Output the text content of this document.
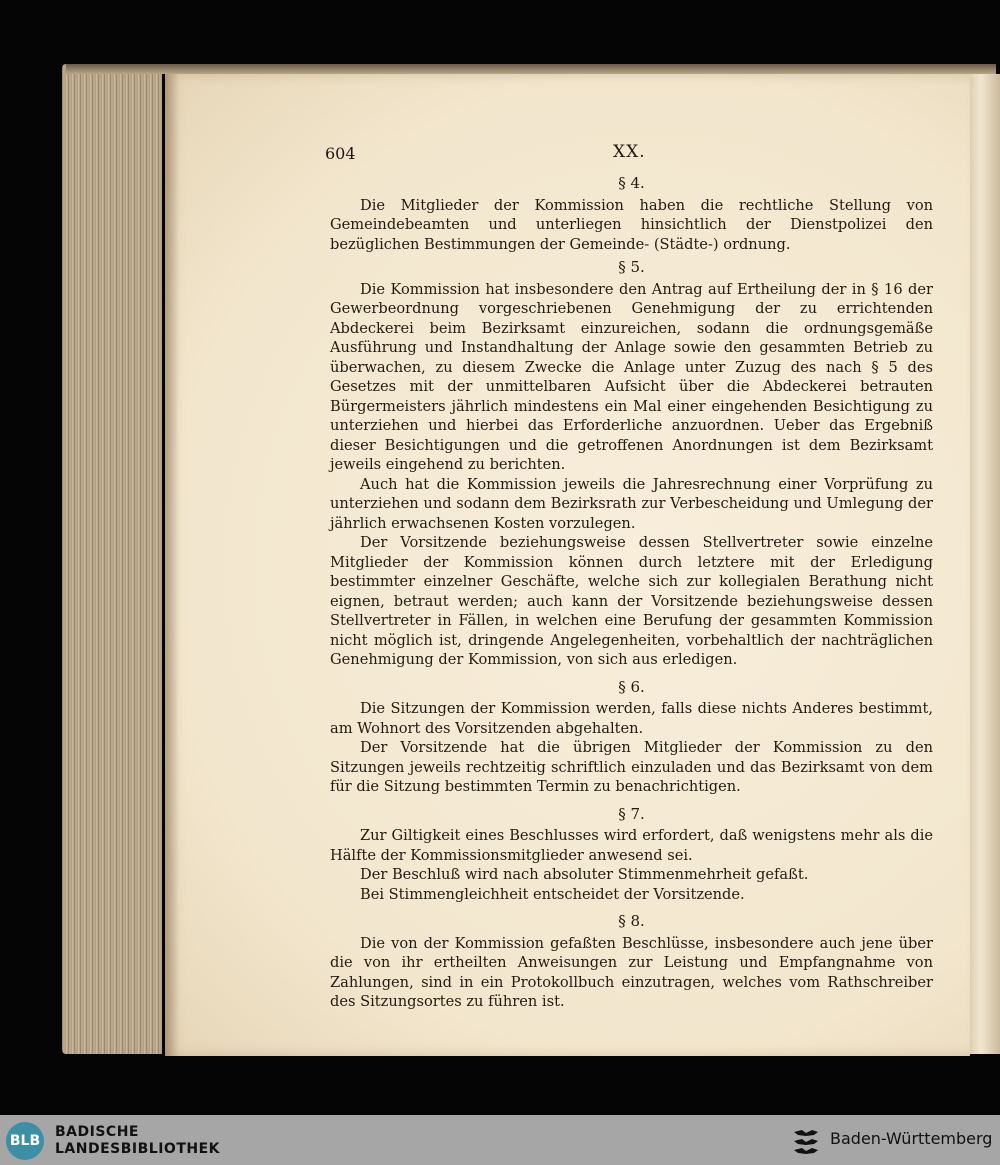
604	XX.
§ 4.

Die Mitglieder der Kommission haben die rechtliche Stellung von Gemeindebeamten und unterliegen hinsichtlich der Dienstpolizei den bezüglichen Bestimmungen der Gemeinde- (Städte-) ordnung.

§ 5.

Die Kommission hat insbesondere den Antrag auf Ertheilung der in § 16 der Gewerbeordnung vorgeschriebenen Genehmigung der zu errichtenden Abdeckerei beim Bezirksamt einzureichen, sodann die ordnungsgemäße Ausführung und Instandhaltung der Anlage sowie den gesammten Betrieb zu überwachen, zu diesem Zwecke die Anlage unter Zuzug des nach § 5 des Gesetzes mit der unmittelbaren Aufsicht über die Abdeckerei betrauten Bürgermeisters jährlich mindestens ein Mal einer eingehenden Besichtigung zu unterziehen und hierbei das Erforderliche anzuordnen. Ueber das Ergebniß dieser Besichtigungen und die getroffenen Anordnungen ist dem Bezirksamt jeweils eingehend zu berichten.

Auch hat die Kommission jeweils die Jahresrechnung einer Vorprüfung zu unterziehen und sodann dem Bezirksrath zur Verbescheidung und Umlegung der jährlich erwachsenen Kosten vorzulegen.

Der Vorsitzende beziehungsweise dessen Stellvertreter sowie einzelne Mitglieder der Kommission können durch letztere mit der Erledigung bestimmter einzelner Geschäfte, welche sich zur kollegialen Berathung nicht eignen, betraut werden; auch kann der Vorsitzende beziehungsweise dessen Stellvertreter in Fällen, in welchen eine Berufung der gesammten Kommission nicht möglich ist, dringende Angelegenheiten, vorbehaltlich der nachträglichen Genehmigung der Kommission, von sich aus erledigen.

§ 6.

Die Sitzungen der Kommission werden, falls diese nichts Anderes bestimmt, am Wohnort des Vorsitzenden abgehalten.

Der Vorsitzende hat die übrigen Mitglieder der Kommission zu den Sitzungen jeweils rechtzeitig schriftlich einzuladen und das Bezirksamt von dem für die Sitzung bestimmten Termin zu benachrichtigen.

§ 7.

Zur Giltigkeit eines Beschlusses wird erfordert, daß wenigstens mehr als die Hälfte der Kommissionsmitglieder anwesend sei.

Der Beschluß wird nach absoluter Stimmenmehrheit gefaßt.

Bei Stimmengleichheit entscheidet der Vorsitzende.

§ 8.

Die von der Kommission gefaßten Beschlüsse, insbesondere auch jene über die von ihr ertheilten Anweisungen zur Leistung und Empfangnahme von Zahlungen, sind in ein Protokollbuch einzutragen, welches vom Rathschreiber des Sitzungsortes zu führen ist.

BLB
BADISCHE
LANDESBIBLIOTHEK
Baden-Württemberg
